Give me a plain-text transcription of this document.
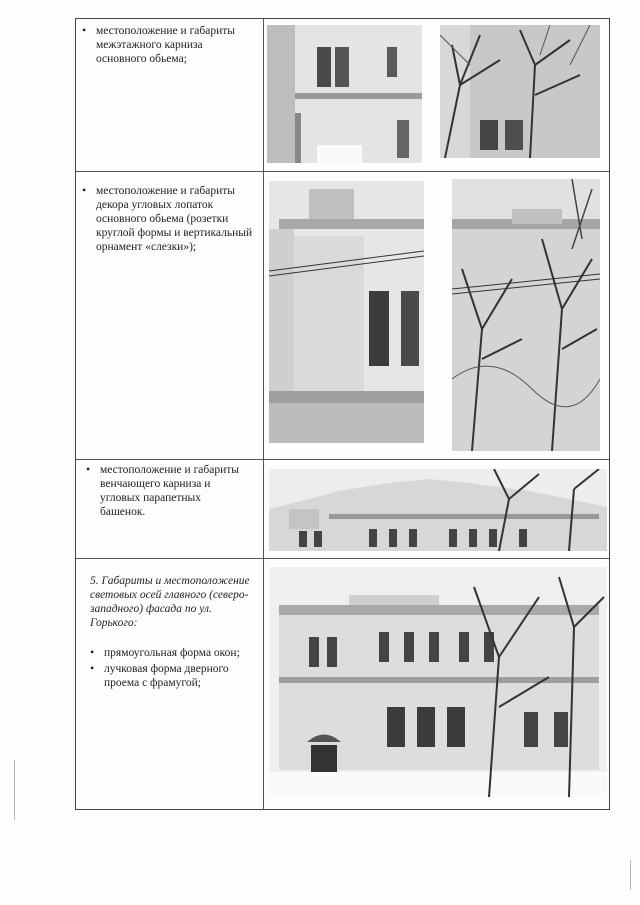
• местоположение и габариты межэтажного карниза основного обьема;
• местоположение и габариты декора угловых лопаток основного обьема (розетки круглой формы и вертикальный орнамент «слезки»);
• местоположение и габариты венчающего карниза и угловых парапетных башенок.
5. Габариты и местоположение световых осей главного (северо-западного) фасада по ул. Горького:
• прямоугольная форма окон;
• лучковая форма дверного проема с фрамугой;
